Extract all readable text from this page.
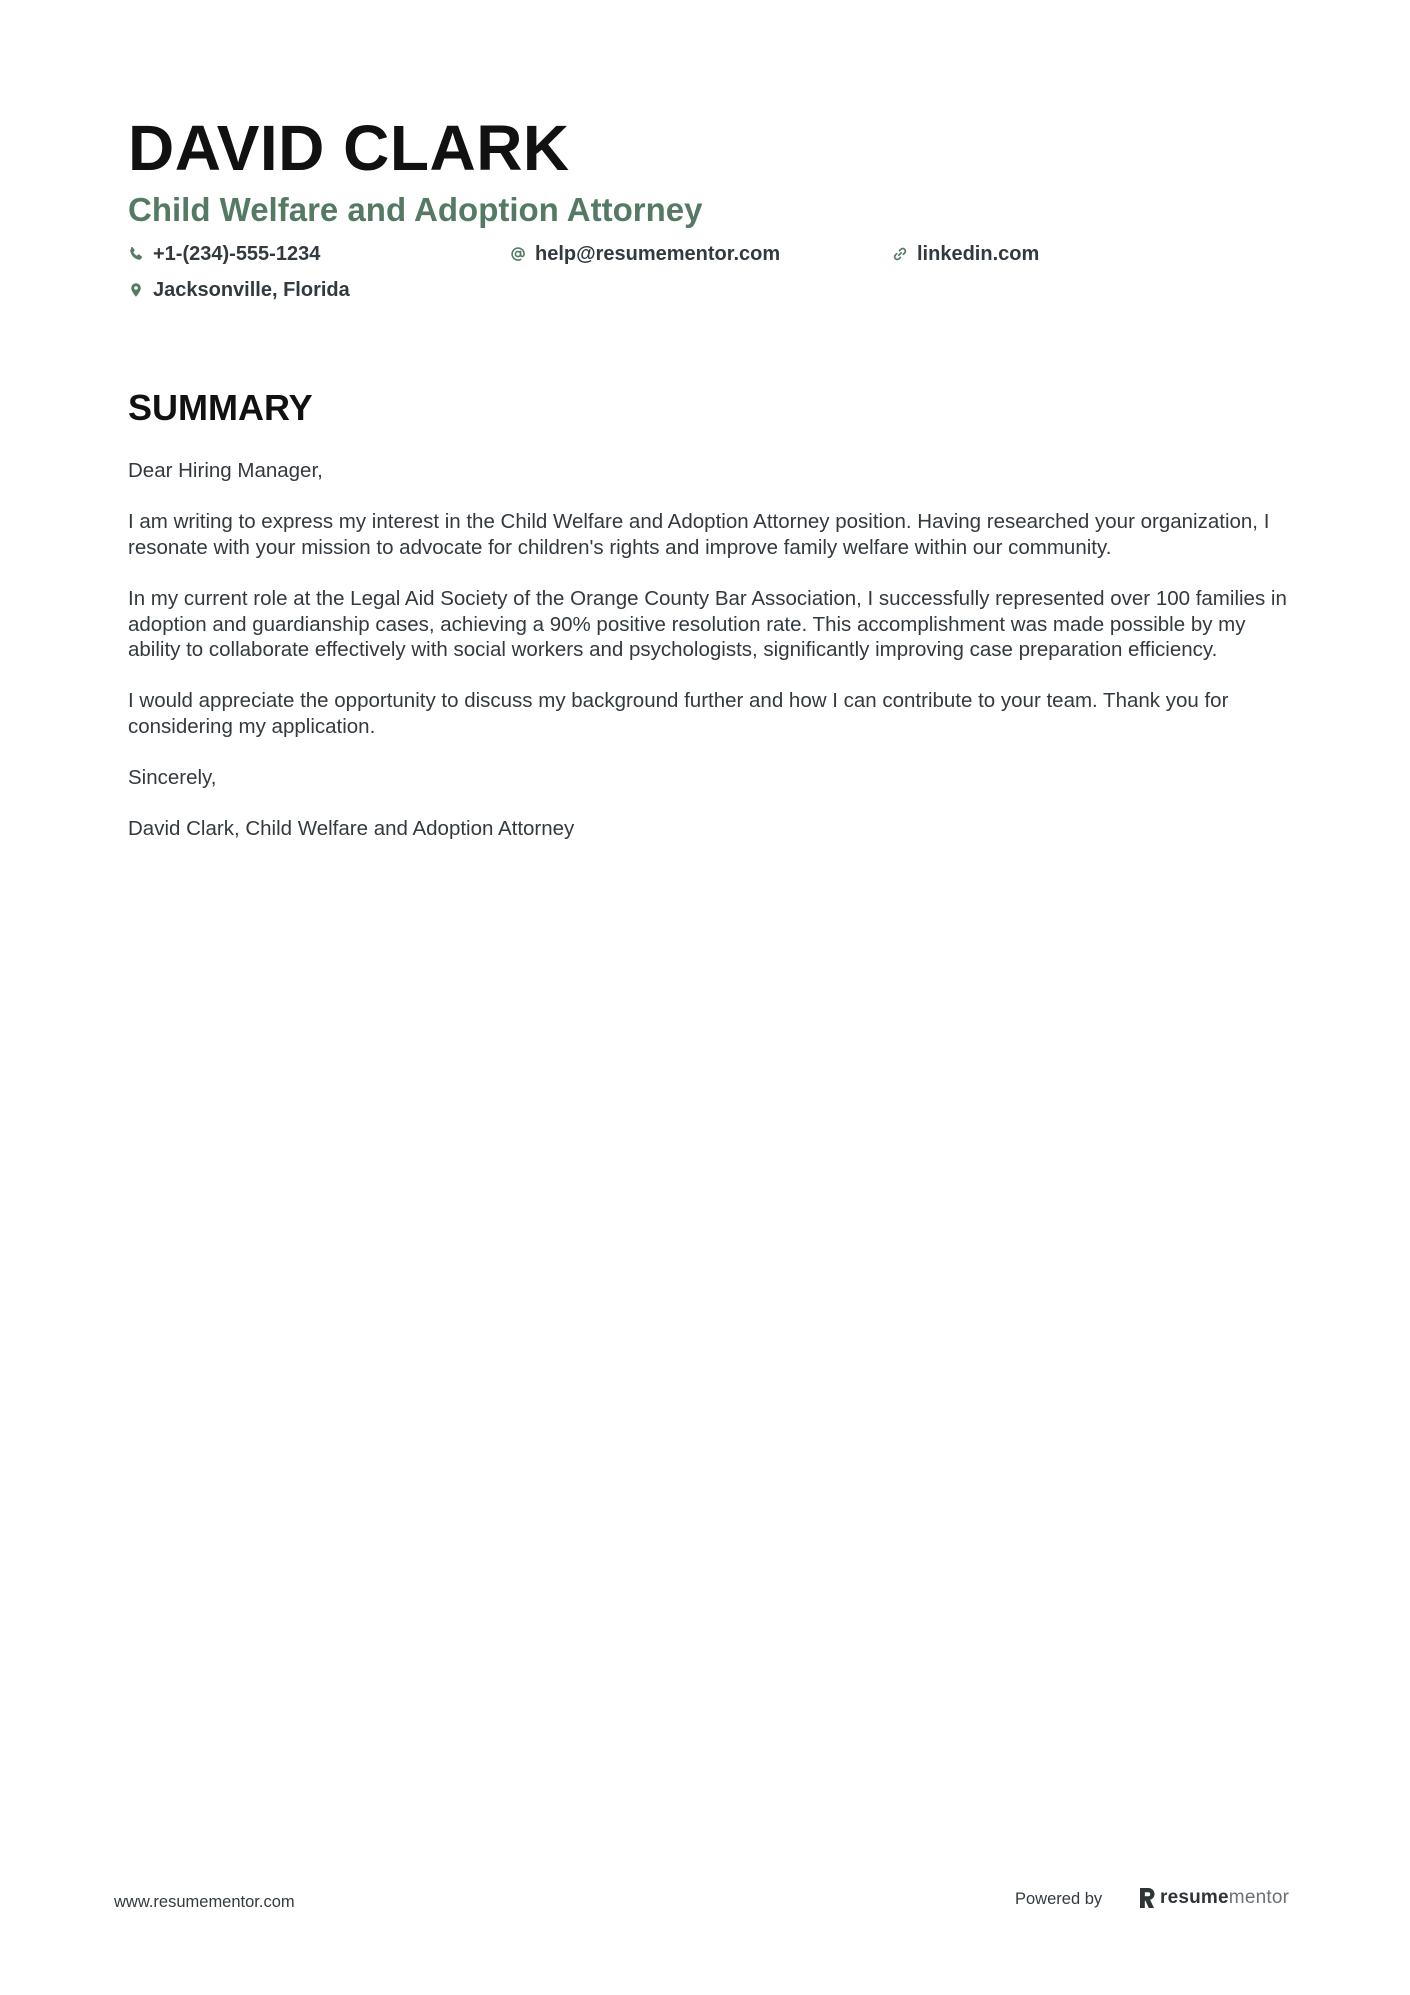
DAVID CLARK
Child Welfare and Adoption Attorney
+1-(234)-555-1234	help@resumementor.com	linkedin.com
Jacksonville, Florida
SUMMARY

Dear Hiring Manager,

I am writing to express my interest in the Child Welfare and Adoption Attorney position. Having researched your organization, I resonate with your mission to advocate for children's rights and improve family welfare within our community.

In my current role at the Legal Aid Society of the Orange County Bar Association, I successfully represented over 100 families in adoption and guardianship cases, achieving a 90% positive resolution rate. This accomplishment was made possible by my ability to collaborate effectively with social workers and psychologists, significantly improving case preparation efficiency.

I would appreciate the opportunity to discuss my background further and how I can contribute to your team. Thank you for considering my application.

Sincerely,

David Clark, Child Welfare and Adoption Attorney

www.resumementor.com	Powered by	resumementor
